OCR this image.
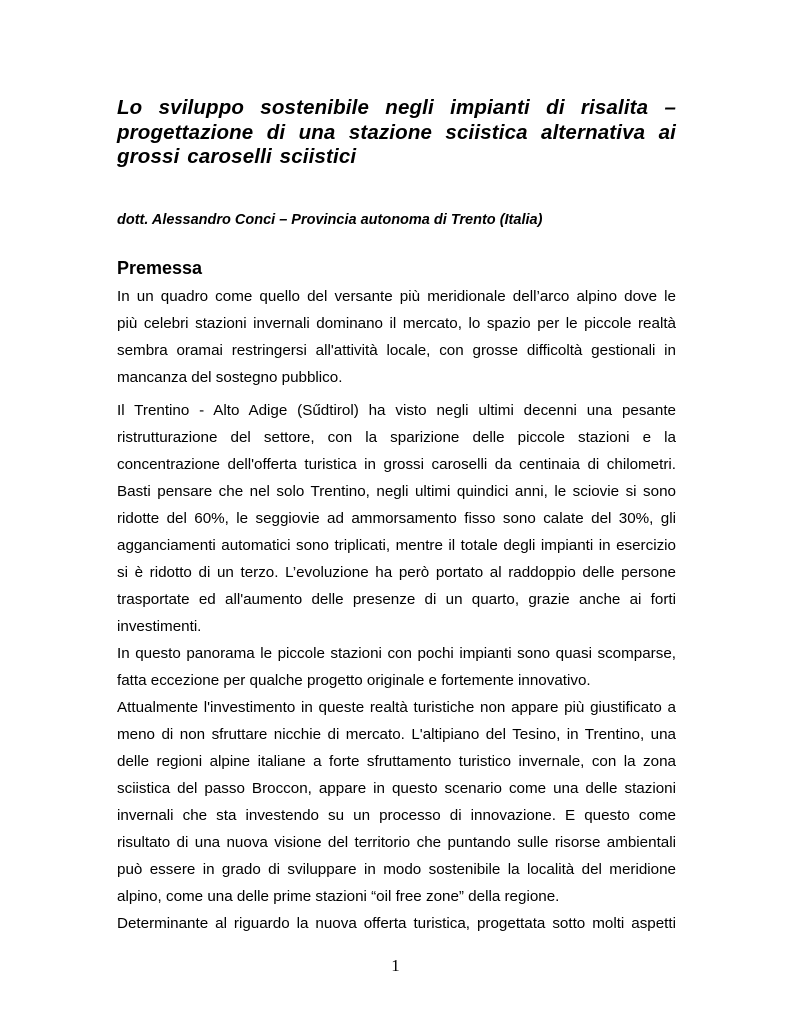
Lo sviluppo sostenibile negli impianti di risalita –
progettazione di una stazione sciistica alternativa ai
grossi caroselli sciistici

dott. Alessandro Conci – Provincia autonoma di Trento (Italia)

Premessa

In un quadro come quello del versante più meridionale dell’arco alpino dove le
più celebri stazioni invernali dominano il mercato, lo spazio per le piccole realtà
sembra oramai restringersi all'attività locale, con grosse difficoltà gestionali in
mancanza del sostegno pubblico.

Il Trentino - Alto Adige (Sűdtirol) ha visto negli ultimi decenni una pesante
ristrutturazione del settore, con la sparizione delle piccole stazioni e la
concentrazione dell'offerta turistica in grossi caroselli da centinaia di chilometri.
Basti pensare che nel solo Trentino, negli ultimi quindici anni, le sciovie si sono
ridotte del 60%, le seggiovie ad ammorsamento fisso sono calate del 30%, gli
agganciamenti automatici sono triplicati, mentre il totale degli impianti in esercizio
si è ridotto di un terzo. L’evoluzione ha però portato al raddoppio delle persone
trasportate ed all'aumento delle presenze di un quarto, grazie anche ai forti
investimenti.

In questo panorama le piccole stazioni con pochi impianti sono quasi scomparse,
fatta eccezione per qualche progetto originale e fortemente innovativo.

Attualmente l'investimento in queste realtà turistiche non appare più giustificato a
meno di non sfruttare nicchie di mercato. L'altipiano del Tesino, in Trentino, una
delle regioni alpine italiane a forte sfruttamento turistico invernale, con la zona
sciistica del passo Broccon, appare in questo scenario come una delle stazioni
invernali che sta investendo su un processo di innovazione. E questo come
risultato di una nuova visione del territorio che puntando sulle risorse ambientali
può essere in grado di sviluppare in modo sostenibile la località del meridione
alpino, come una delle prime stazioni “oil free zone” della regione.

Determinante al riguardo la nuova offerta turistica, progettata sotto molti aspetti

1
